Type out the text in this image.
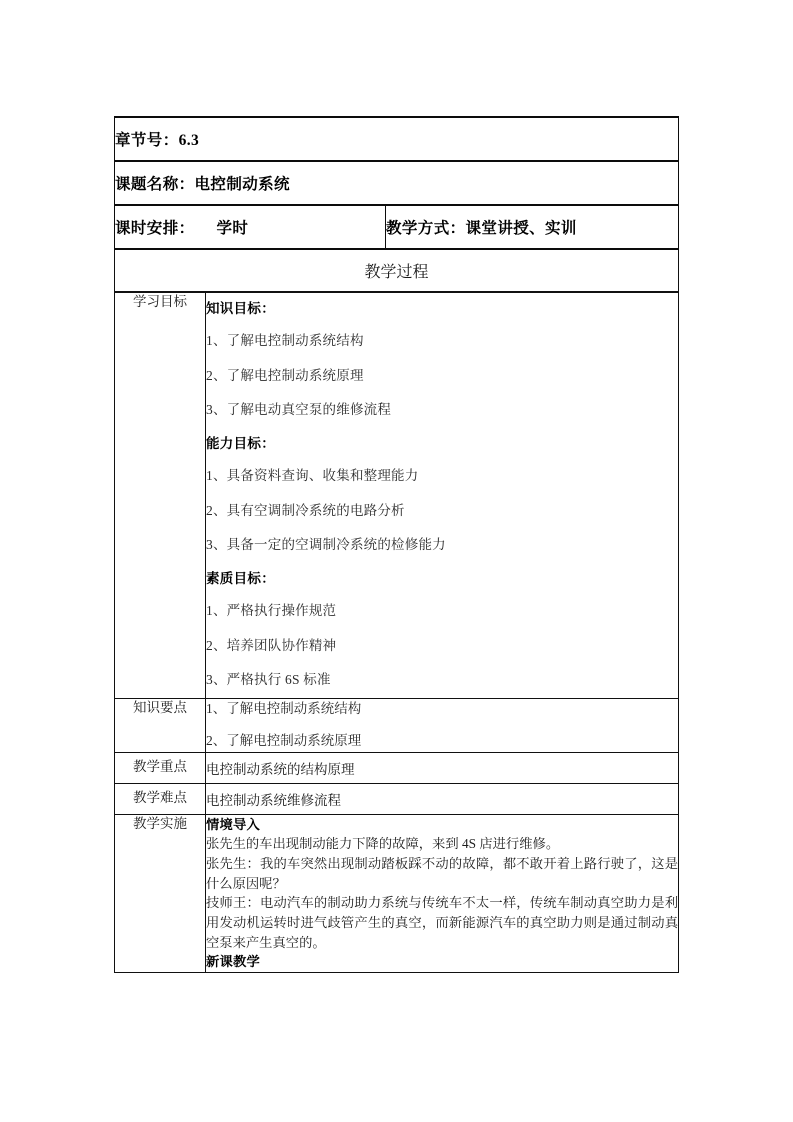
章节号：6.3		
课题名称：电控制动系统		
课时安排： 学时		教学方式：课堂讲授、实训
教学过程		
学习目标	知识目标：
1、了解电控制动系统结构
2、了解电控制动系统原理
3、了解电动真空泵的维修流程
能力目标：
1、具备资料查询、收集和整理能力
2、具有空调制冷系统的电路分析
3、具备一定的空调制冷系统的检修能力
素质目标：
1、严格执行操作规范
2、培养团队协作精神
3、严格执行 6S 标准

知识要点	1、了解电控制动系统结构
2、了解电控制动系统原理	

教学重点	电控制动系统的结构原理	
教学难点	电控制动系统维修流程	
教学实施	情境导入

张先生的车出现制动能力下降的故障，来到 4S 店进行维修。

张先生：我的车突然出现制动踏板踩不动的故障，都不敢开着上路行驶了，这是什么原因呢？

技师王：电动汽车的制动助力系统与传统车不太一样，传统车制动真空助力是利用发动机运转时进气歧管产生的真空，而新能源汽车的真空助力则是通过制动真空泵来产生真空的。

新课教学	
